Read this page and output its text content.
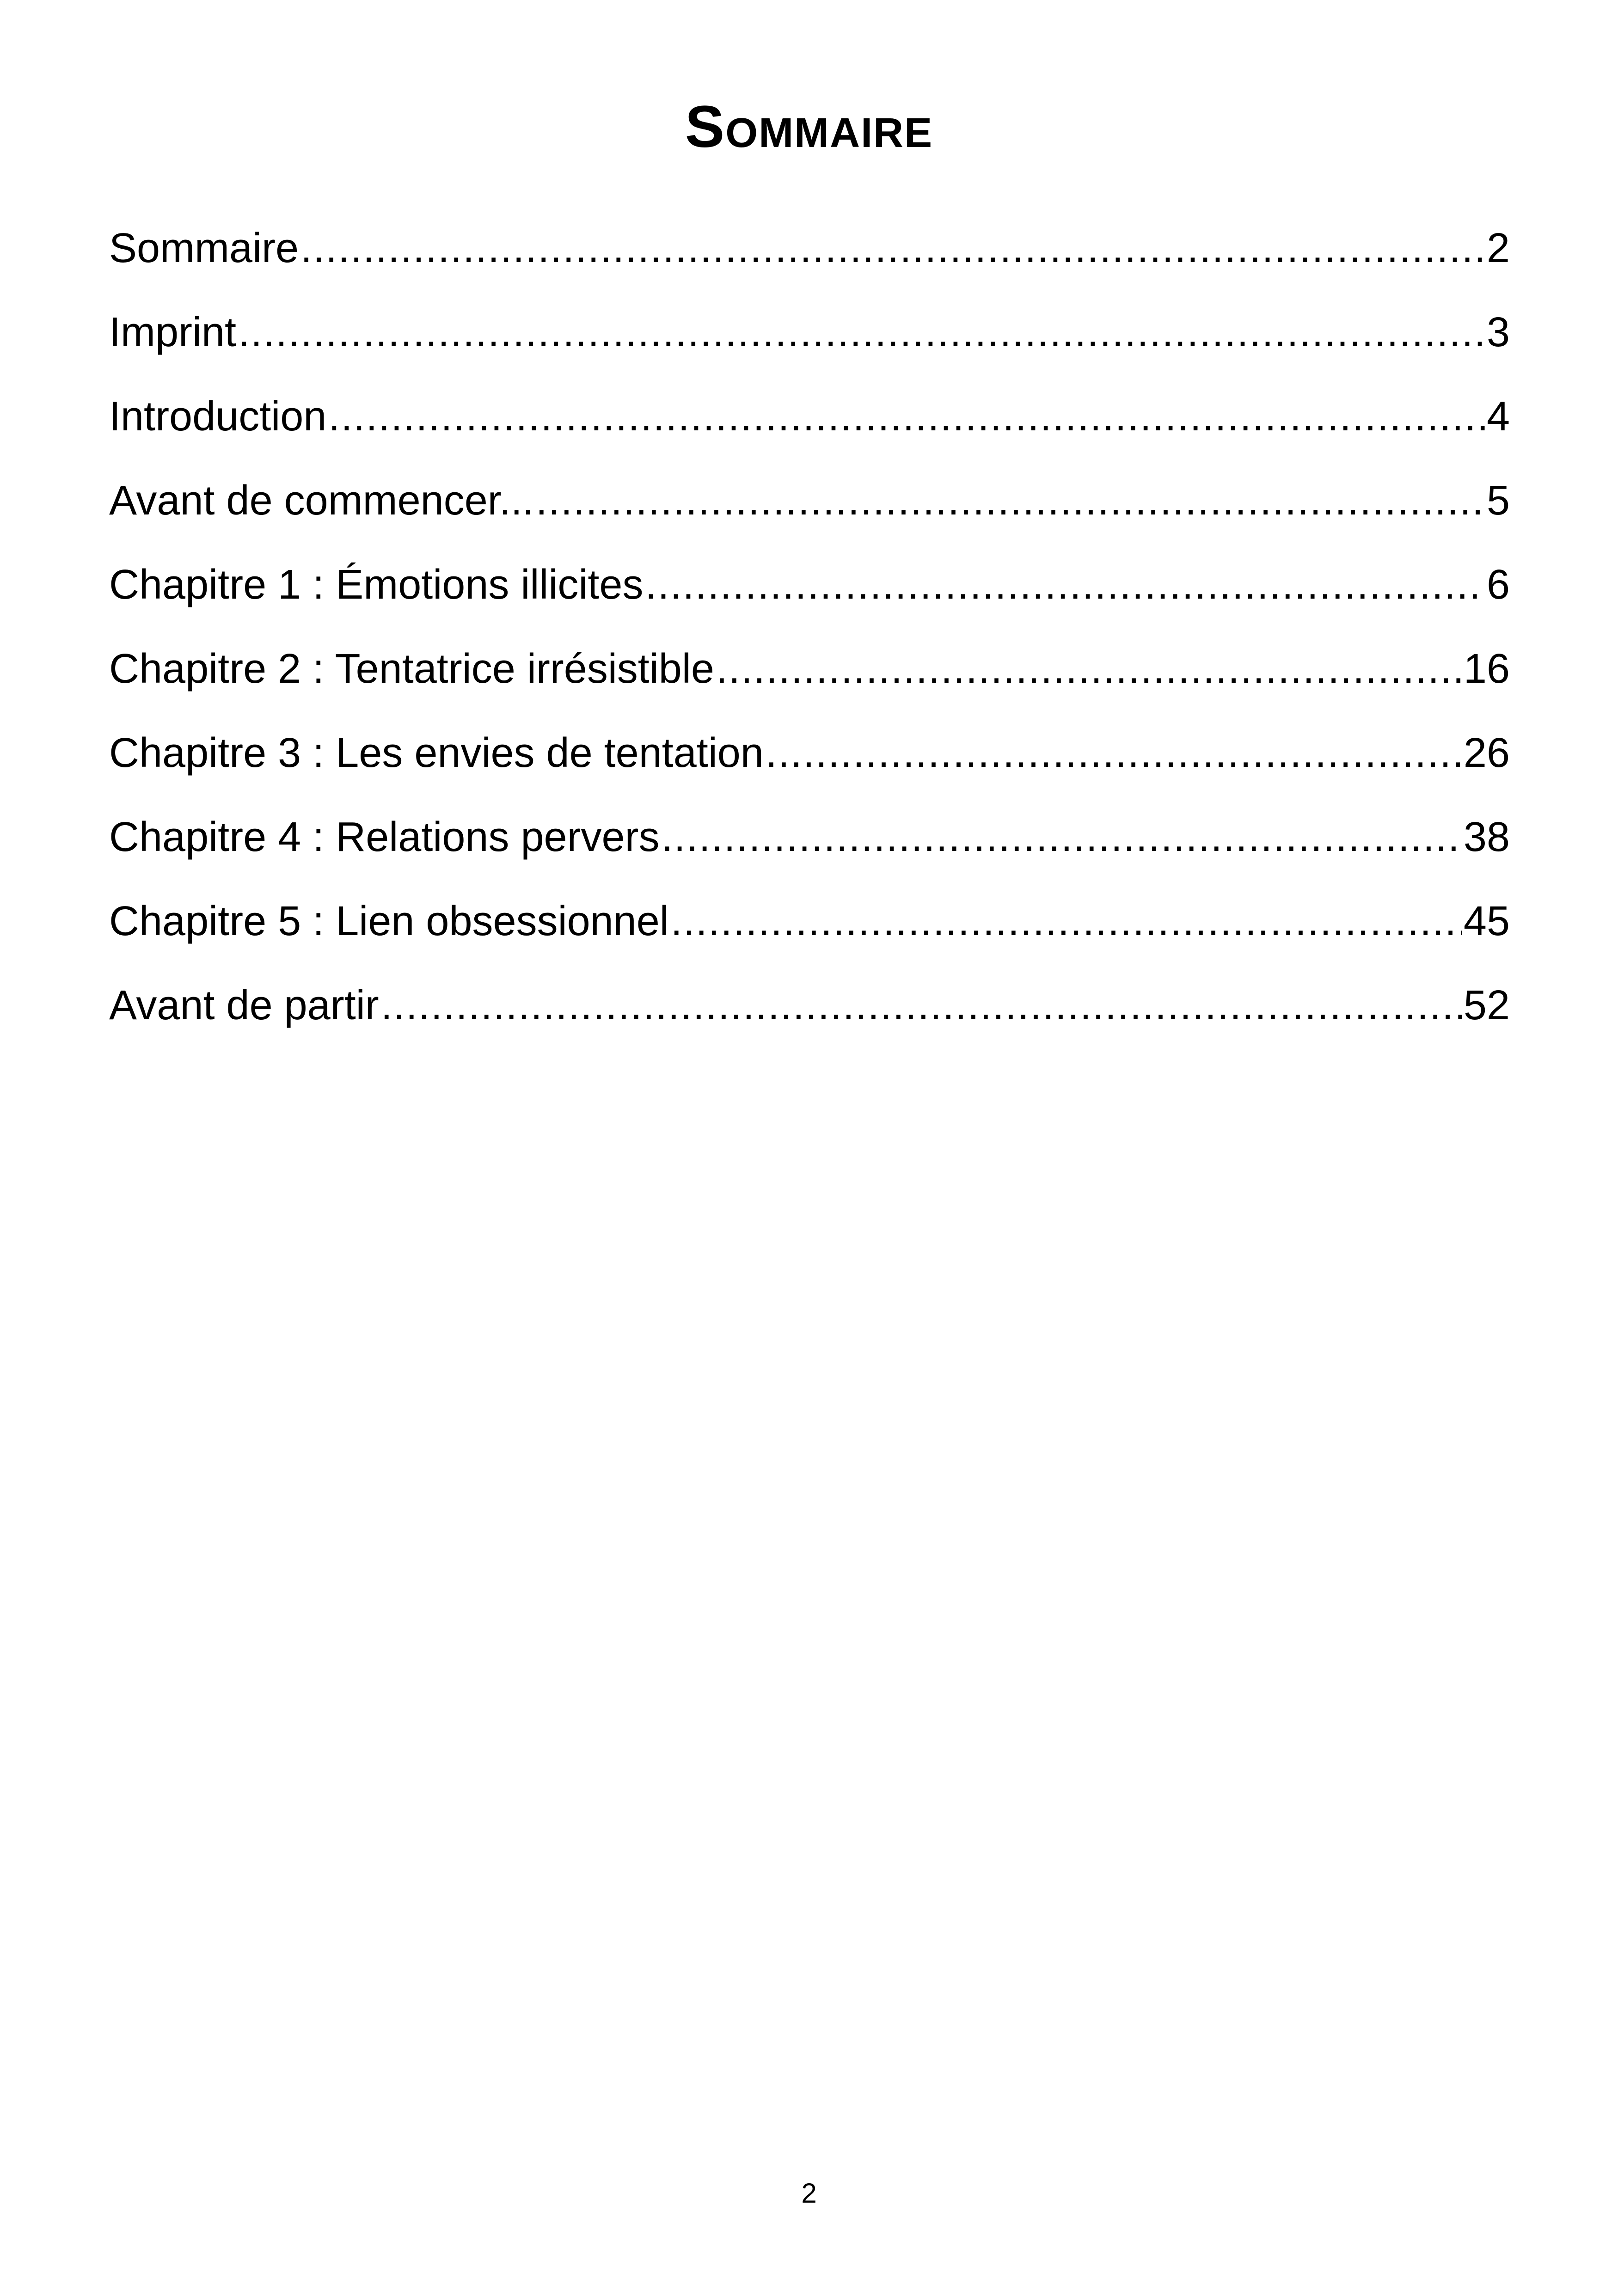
Sommaire
Sommaire .....	2
Imprint .....	3
Introduction .....	4
Avant de commencer... .....	5
Chapitre 1 : Émotions illicites .....	6
Chapitre 2 : Tentatrice irrésistible .....	16
Chapitre 3 : Les envies de tentation .....	26
Chapitre 4 : Relations pervers .....	38
Chapitre 5 : Lien obsessionnel .....	45
Avant de partir .....	52
2
